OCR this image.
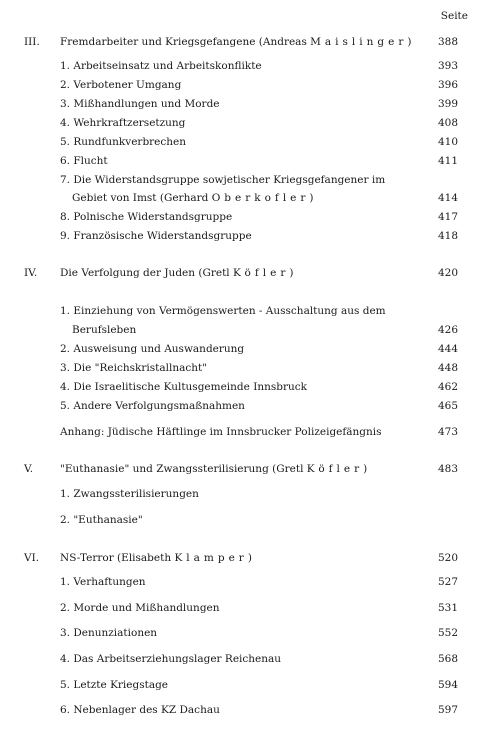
Seite
III. Fremdarbeiter und Kriegsgefangene (Andreas Maislinger)	388
1. Arbeitseinsatz und Arbeitskonflikte	393
2. Verbotener Umgang	396
3. Mißhandlungen und Morde	399
4. Wehrkraftzersetzung	408
5. Rundfunkverbrechen	410
6. Flucht	411
7. Die Widerstandsgruppe sowjetischer Kriegsgefangener im
Gebiet von Imst (Gerhard Oberkofler)	414
8. Polnische Widerstandsgruppe	417
9. Französische Widerstandsgruppe	418
IV. Die Verfolgung der Juden (Gretl Köfler)	420
1. Einziehung von Vermögenswerten - Ausschaltung aus dem
Berufsleben	426
2. Ausweisung und Auswanderung	444
3. Die "Reichskristallnacht"	448
4. Die Israelitische Kultusgemeinde Innsbruck	462
5. Andere Verfolgungsmaßnahmen	465
Anhang: Jüdische Häftlinge im Innsbrucker Polizeigefängnis	473
V.	"Euthanasie" und Zwangssterilisierung (Gretl Köfler)	483
1. Zwangssterilisierungen
2. "Euthanasie"
VI. NS-Terror (Elisabeth Klamper)	520
1. Verhaftungen	527
2. Morde und Mißhandlungen	531
3. Denunziationen	552
4. Das Arbeitserziehungslager Reichenau	568
5. Letzte Kriegstage	594
6. Nebenlager des KZ Dachau	597
